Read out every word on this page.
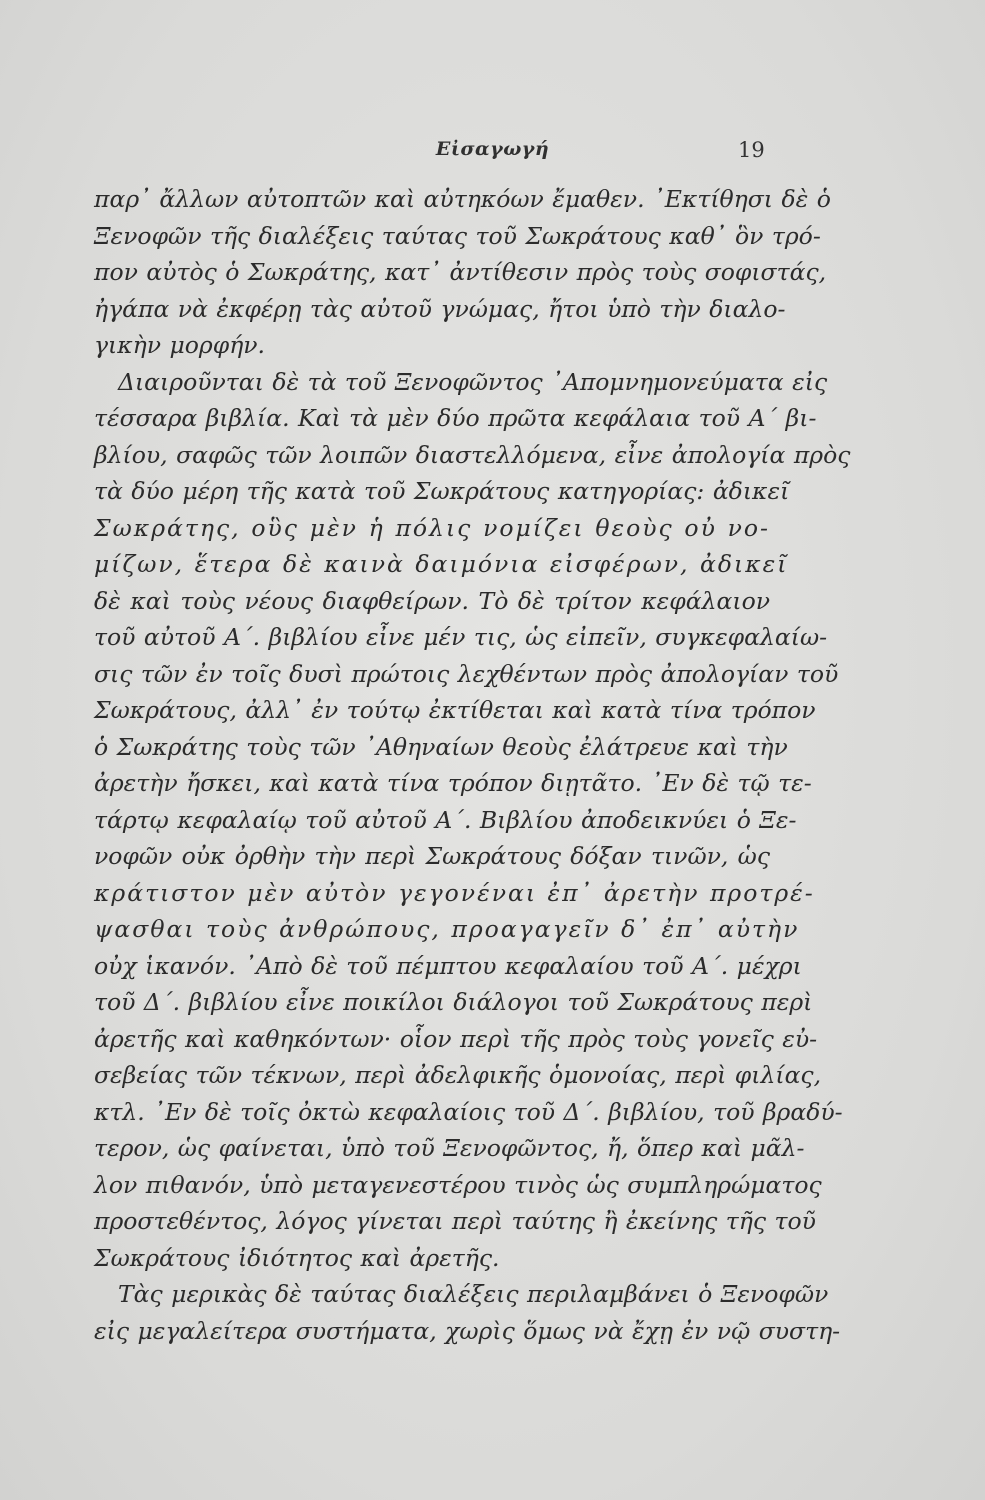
Εἰσαγωγή	19
παρ᾿ ἄλλων αὐτοπτῶν καὶ αὐτηκόων ἔμαθεν. ᾿Εκτίθησι δὲ ὁ
Ξενοφῶν τῆς διαλέξεις ταύτας τοῦ Σωκράτους καθ᾿ ὃν τρό-
πον αὐτὸς ὁ Σωκράτης, κατ᾿ ἀντίθεσιν πρὸς τοὺς σοφιστάς,
ἠγάπα νὰ ἐκφέρῃ τὰς αὐτοῦ γνώμας, ἤτοι ὑπὸ τὴν διαλο-
γικὴν μορφήν.
Διαιροῦνται δὲ τὰ τοῦ Ξενοφῶντος ᾿Απομνημονεύματα εἰς
τέσσαρα βιβλία. Καὶ τὰ μὲν δύο πρῶτα κεφάλαια τοῦ Α´ βι-
βλίου, σαφῶς τῶν λοιπῶν διαστελλόμενα, εἶνε ἀπολογία πρὸς
τὰ δύο μέρη τῆς κατὰ τοῦ Σωκράτους κατηγορίας: ἀδικεῖ
Σωκράτης, οὓς μὲν ἡ πόλις νομίζει θεοὺς οὐ νο-
μίζων, ἕτερα δὲ καινὰ δαιμόνια εἰσφέρων, ἀδικεῖ
δὲ καὶ τοὺς νέους διαφθείρων. Τὸ δὲ τρίτον κεφάλαιον
τοῦ αὐτοῦ Α´. βιβλίου εἶνε μέν τις, ὡς εἰπεῖν, συγκεφαλαίω-
σις τῶν ἐν τοῖς δυσὶ πρώτοις λεχθέντων πρὸς ἀπολογίαν τοῦ
Σωκράτους, ἀλλ᾿ ἐν τούτῳ ἐκτίθεται καὶ κατὰ τίνα τρόπον
ὁ Σωκράτης τοὺς τῶν ᾿Αθηναίων θεοὺς ἐλάτρευε καὶ τὴν
ἀρετὴν ἤσκει, καὶ κατὰ τίνα τρόπον διῃτᾶτο. ᾿Εν δὲ τῷ τε-
τάρτῳ κεφαλαίῳ τοῦ αὐτοῦ Α´. Βιβλίου ἀποδεικνύει ὁ Ξε-
νοφῶν οὐκ ὀρθὴν τὴν περὶ Σωκράτους δόξαν τινῶν, ὡς
κράτιστον μὲν αὐτὸν γεγονέναι ἐπ᾿ ἀρετὴν προτρέ-
ψασθαι τοὺς ἀνθρώπους, προαγαγεῖν δ᾿ ἐπ᾿ αὐτὴν
οὐχ ἱκανόν. ᾿Απὸ δὲ τοῦ πέμπτου κεφαλαίου τοῦ Α´. μέχρι
τοῦ Δ´. βιβλίου εἶνε ποικίλοι διάλογοι τοῦ Σωκράτους περὶ
ἀρετῆς καὶ καθηκόντων· οἷον περὶ τῆς πρὸς τοὺς γονεῖς εὐ-
σεβείας τῶν τέκνων, περὶ ἀδελφικῆς ὁμονοίας, περὶ φιλίας,
κτλ. ᾿Εν δὲ τοῖς ὀκτὼ κεφαλαίοις τοῦ Δ´. βιβλίου, τοῦ βραδύ-
τερον, ὡς φαίνεται, ὑπὸ τοῦ Ξενοφῶντος, ἤ, ὅπερ καὶ μᾶλ-
λον πιθανόν, ὑπὸ μεταγενεστέρου τινὸς ὡς συμπληρώματος
προστεθέντος, λόγος γίνεται περὶ ταύτης ἢ ἐκείνης τῆς τοῦ
Σωκράτους ἰδιότητος καὶ ἀρετῆς.
Τὰς μερικὰς δὲ ταύτας διαλέξεις περιλαμβάνει ὁ Ξενοφῶν
εἰς μεγαλείτερα συστήματα, χωρὶς ὅμως νὰ ἔχῃ ἐν νῷ συστη-
